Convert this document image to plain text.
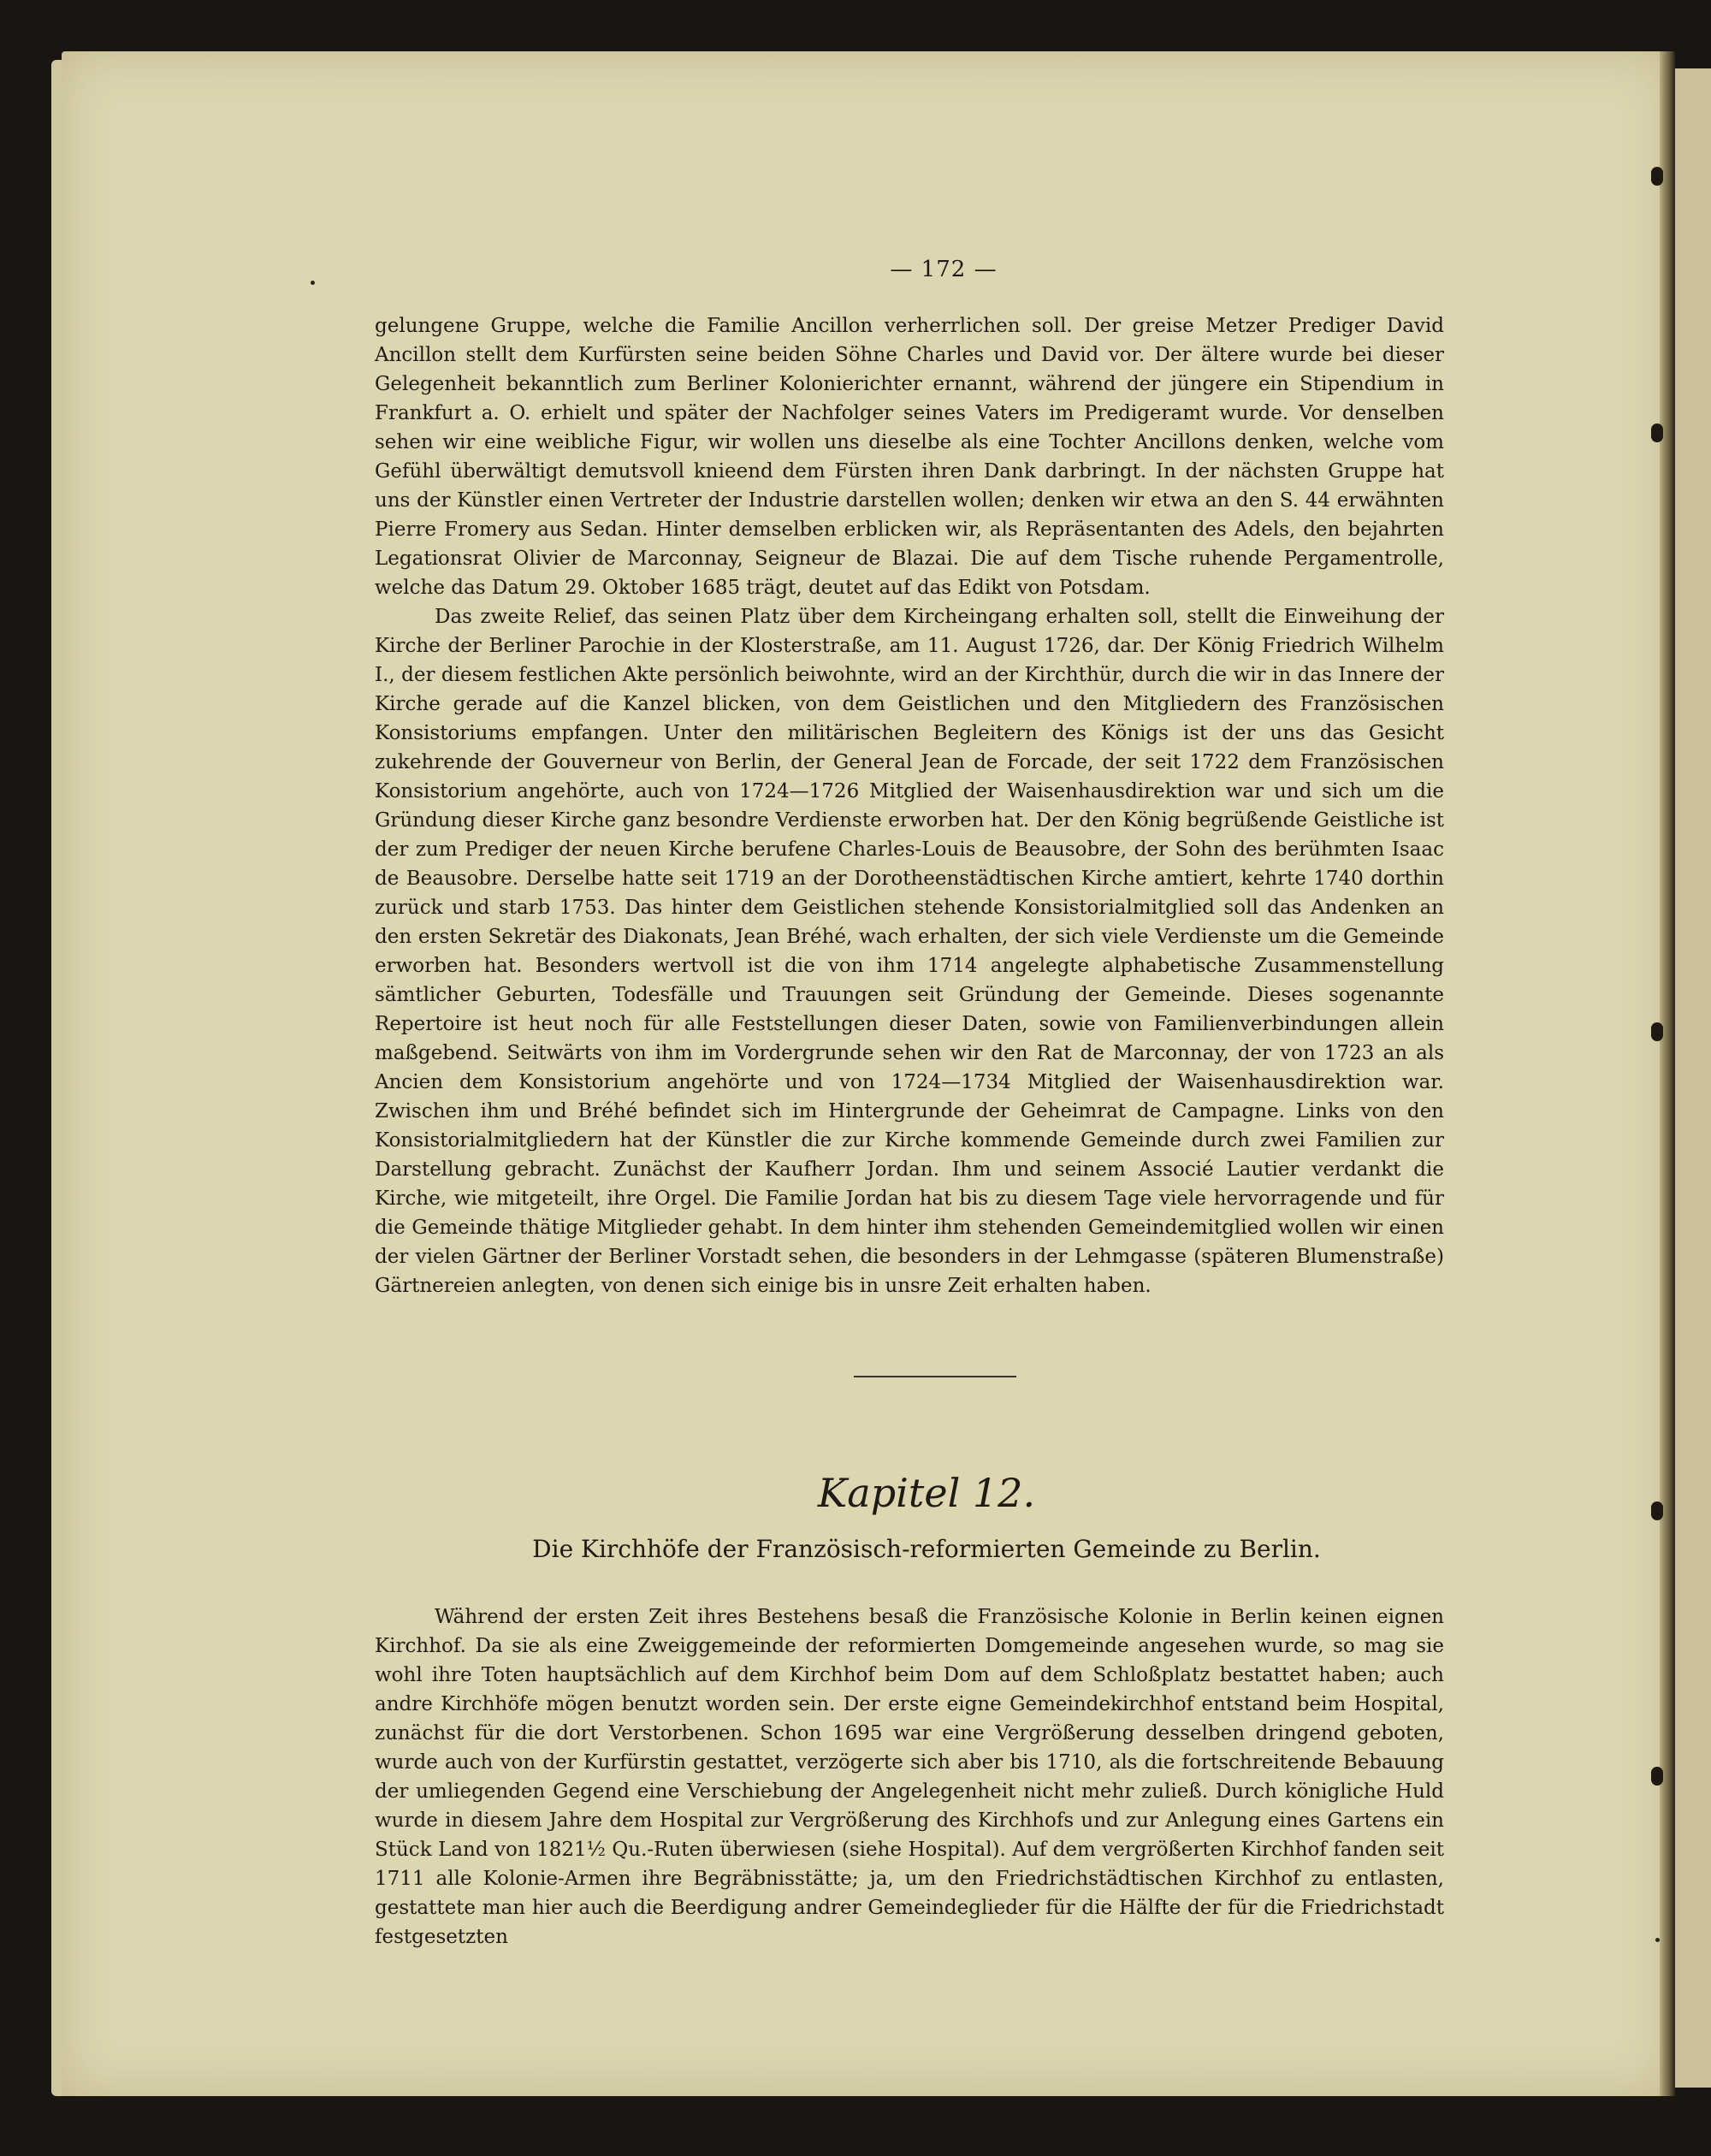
— 172 —

gelungene Gruppe, welche die Familie Ancillon verherrlichen soll. Der greise Metzer Prediger David Ancillon stellt dem Kurfürsten seine beiden Söhne Charles und David vor. Der ältere wurde bei dieser Gelegenheit bekanntlich zum Berliner Kolonierichter ernannt, während der jüngere ein Stipendium in Frankfurt a. O. erhielt und später der Nachfolger seines Vaters im Predigeramt wurde. Vor denselben sehen wir eine weibliche Figur, wir wollen uns dieselbe als eine Tochter Ancillons denken, welche vom Gefühl überwältigt demutsvoll knieend dem Fürsten ihren Dank darbringt. In der nächsten Gruppe hat uns der Künstler einen Vertreter der Industrie darstellen wollen; denken wir etwa an den S. 44 erwähnten Pierre Fromery aus Sedan. Hinter demselben erblicken wir, als Repräsentanten des Adels, den bejahrten Legationsrat Olivier de Marconnay, Seigneur de Blazai. Die auf dem Tische ruhende Pergamentrolle, welche das Datum 29. Oktober 1685 trägt, deutet auf das Edikt von Potsdam.

Das zweite Relief, das seinen Platz über dem Kircheingang erhalten soll, stellt die Einweihung der Kirche der Berliner Parochie in der Klosterstraße, am 11. August 1726, dar. Der König Friedrich Wilhelm I., der diesem festlichen Akte persönlich beiwohnte, wird an der Kirchthür, durch die wir in das Innere der Kirche gerade auf die Kanzel blicken, von dem Geistlichen und den Mitgliedern des Französischen Konsistoriums empfangen. Unter den militärischen Begleitern des Königs ist der uns das Gesicht zukehrende der Gouverneur von Berlin, der General Jean de Forcade, der seit 1722 dem Französischen Konsistorium angehörte, auch von 1724—1726 Mitglied der Waisenhausdirektion war und sich um die Gründung dieser Kirche ganz besondre Verdienste erworben hat. Der den König begrüßende Geistliche ist der zum Prediger der neuen Kirche berufene Charles-Louis de Beausobre, der Sohn des berühmten Isaac de Beausobre. Derselbe hatte seit 1719 an der Dorotheenstädtischen Kirche amtiert, kehrte 1740 dorthin zurück und starb 1753. Das hinter dem Geistlichen stehende Konsistorialmitglied soll das Andenken an den ersten Sekretär des Diakonats, Jean Bréhé, wach erhalten, der sich viele Verdienste um die Gemeinde erworben hat. Besonders wertvoll ist die von ihm 1714 angelegte alphabetische Zusammenstellung sämtlicher Geburten, Todesfälle und Trauungen seit Gründung der Gemeinde. Dieses sogenannte Repertoire ist heut noch für alle Feststellungen dieser Daten, sowie von Familienverbindungen allein maßgebend. Seitwärts von ihm im Vordergrunde sehen wir den Rat de Marconnay, der von 1723 an als Ancien dem Konsistorium angehörte und von 1724—1734 Mitglied der Waisenhausdirektion war. Zwischen ihm und Bréhé befindet sich im Hintergrunde der Geheimrat de Campagne. Links von den Konsistorialmitgliedern hat der Künstler die zur Kirche kommende Gemeinde durch zwei Familien zur Darstellung gebracht. Zunächst der Kaufherr Jordan. Ihm und seinem Associé Lautier verdankt die Kirche, wie mitgeteilt, ihre Orgel. Die Familie Jordan hat bis zu diesem Tage viele hervorragende und für die Gemeinde thätige Mitglieder gehabt. In dem hinter ihm stehenden Gemeindemitglied wollen wir einen der vielen Gärtner der Berliner Vorstadt sehen, die besonders in der Lehmgasse (späteren Blumenstraße) Gärtnereien anlegten, von denen sich einige bis in unsre Zeit erhalten haben.

Kapitel 12.
Die Kirchhöfe der Französisch-reformierten Gemeinde zu Berlin.

Während der ersten Zeit ihres Bestehens besaß die Französische Kolonie in Berlin keinen eignen Kirchhof. Da sie als eine Zweiggemeinde der reformierten Domgemeinde angesehen wurde, so mag sie wohl ihre Toten hauptsächlich auf dem Kirchhof beim Dom auf dem Schloßplatz bestattet haben; auch andre Kirchhöfe mögen benutzt worden sein. Der erste eigne Gemeindekirchhof entstand beim Hospital, zunächst für die dort Verstorbenen. Schon 1695 war eine Vergrößerung desselben dringend geboten, wurde auch von der Kurfürstin gestattet, verzögerte sich aber bis 1710, als die fortschreitende Bebauung der umliegenden Gegend eine Verschiebung der Angelegenheit nicht mehr zuließ. Durch königliche Huld wurde in diesem Jahre dem Hospital zur Vergrößerung des Kirchhofs und zur Anlegung eines Gartens ein Stück Land von 1821½ Qu.-Ruten überwiesen (siehe Hospital). Auf dem vergrößerten Kirchhof fanden seit 1711 alle Kolonie-Armen ihre Begräbnisstätte; ja, um den Friedrichstädtischen Kirchhof zu entlasten, gestattete man hier auch die Beerdigung andrer Gemeindeglieder für die Hälfte der für die Friedrichstadt festgesetzten
